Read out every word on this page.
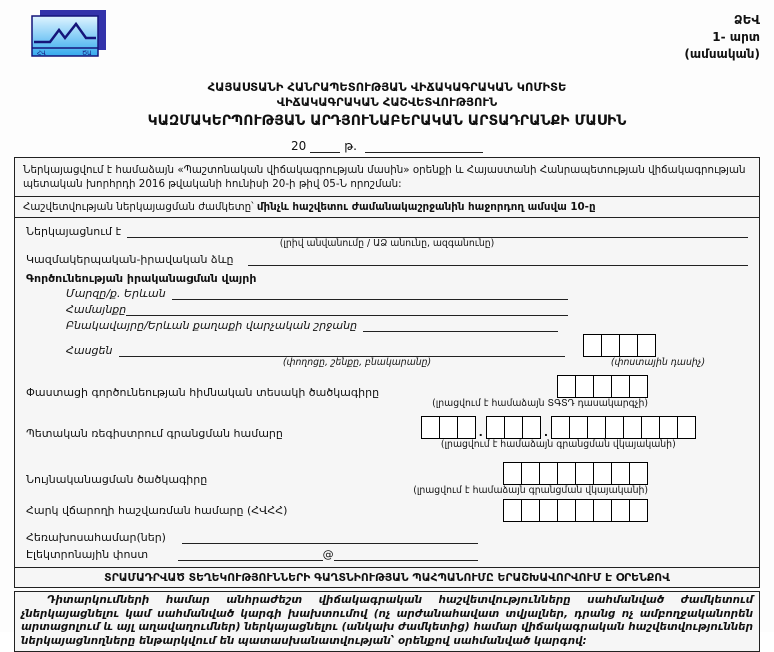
ՀՎ	ԾԱ
ՁԵՎ
1- արտ
(ամսական)
ՀԱՅԱՍՏԱՆԻ ՀԱՆՐԱՊԵՏՈՒԹՅԱՆ ՎԻՃԱԿԱԳՐԱԿԱՆ ԿՈՄԻՏԵ
ՎԻՃԱԿԱԳՐԱԿԱՆ ՀԱՇՎԵՏՎՈՒԹՅՈՒՆ
ԿԱԶՄԱԿԵՐՊՈՒԹՅԱՆ ԱՐԴՅՈՒՆԱԲԵՐԱԿԱՆ ԱՐՏԱԴՐԱՆՔԻ ՄԱՍԻՆ
20	թ.
Ներկայացվում է համաձայն «Պաշտոնական վիճակագրության մասին» օրենքի և Հայաստանի Հանրապետության վիճակագրության պետական խորհրդի 2016 թվականի հունիսի 20-ի թիվ 05-Ն որոշման:
Հաշվետվության ներկայացման ժամկետը՝ մինչև հաշվետու ժամանակաշրջանին հաջորդող ամսվա 10-ը
Ներկայացնում է
(լրիվ անվանումը / ԱՁ անունը, ազգանունը)
Կազմակերպական-իրավական ձևը
Գործունեության իրականացման վայրի
Մարզը/ք. Երևան
Համայնքը
Բնակավայրը/Երևան քաղաքի վարչական շրջանը
Հասցեն
(փողոցը, շենքը, բնակարանը)	(փոստային դասիչ)
Փաստացի գործունեության հիմնական տեսակի ծածկագիրը
(լրացվում է համաձայն ՏԳՏԴ դասակարգչի)
Պետական ռեգիստրում գրանցման համարը	.	.
(լրացվում է համաձայն գրանցման վկայականի)
Նույնականացման ծածկագիրը
(լրացվում է համաձայն գրանցման վկայականի)
Հարկ վճարողի հաշվառման համարը (ՀՎՀՀ)
Հեռախոսահամար(ներ)
Էլեկտրոնային փոստ	@
ՏՐԱՄԱԴՐՎԱԾ ՏԵՂԵԿՈՒԹՅՈՒՆՆԵՐԻ ԳԱՂՏՆԻՈՒԹՅԱՆ ՊԱՀՊԱՆՈՒՄԸ ԵՐԱՇԽԱՎՈՐՎՈՒՄ Է ՕՐԵՆՔՈՎ
Դիտարկումների համար անհրաժեշտ վիճակագրական հաշվետվությունները սահմանված ժամկետում չներկայացնելու կամ սահմանված կարգի խախտումով (ոչ արժանահավատ տվյալներ, դրանց ոչ ամբողջականորեն արտացոլում և այլ աղավաղումներ) ներկայացնելու (անկախ ժամկետից) համար վիճակագրական հաշվետվություններ ներկայացնողները ենթարկվում են պատասխանատվության՝ օրենքով սահմանված կարգով:
